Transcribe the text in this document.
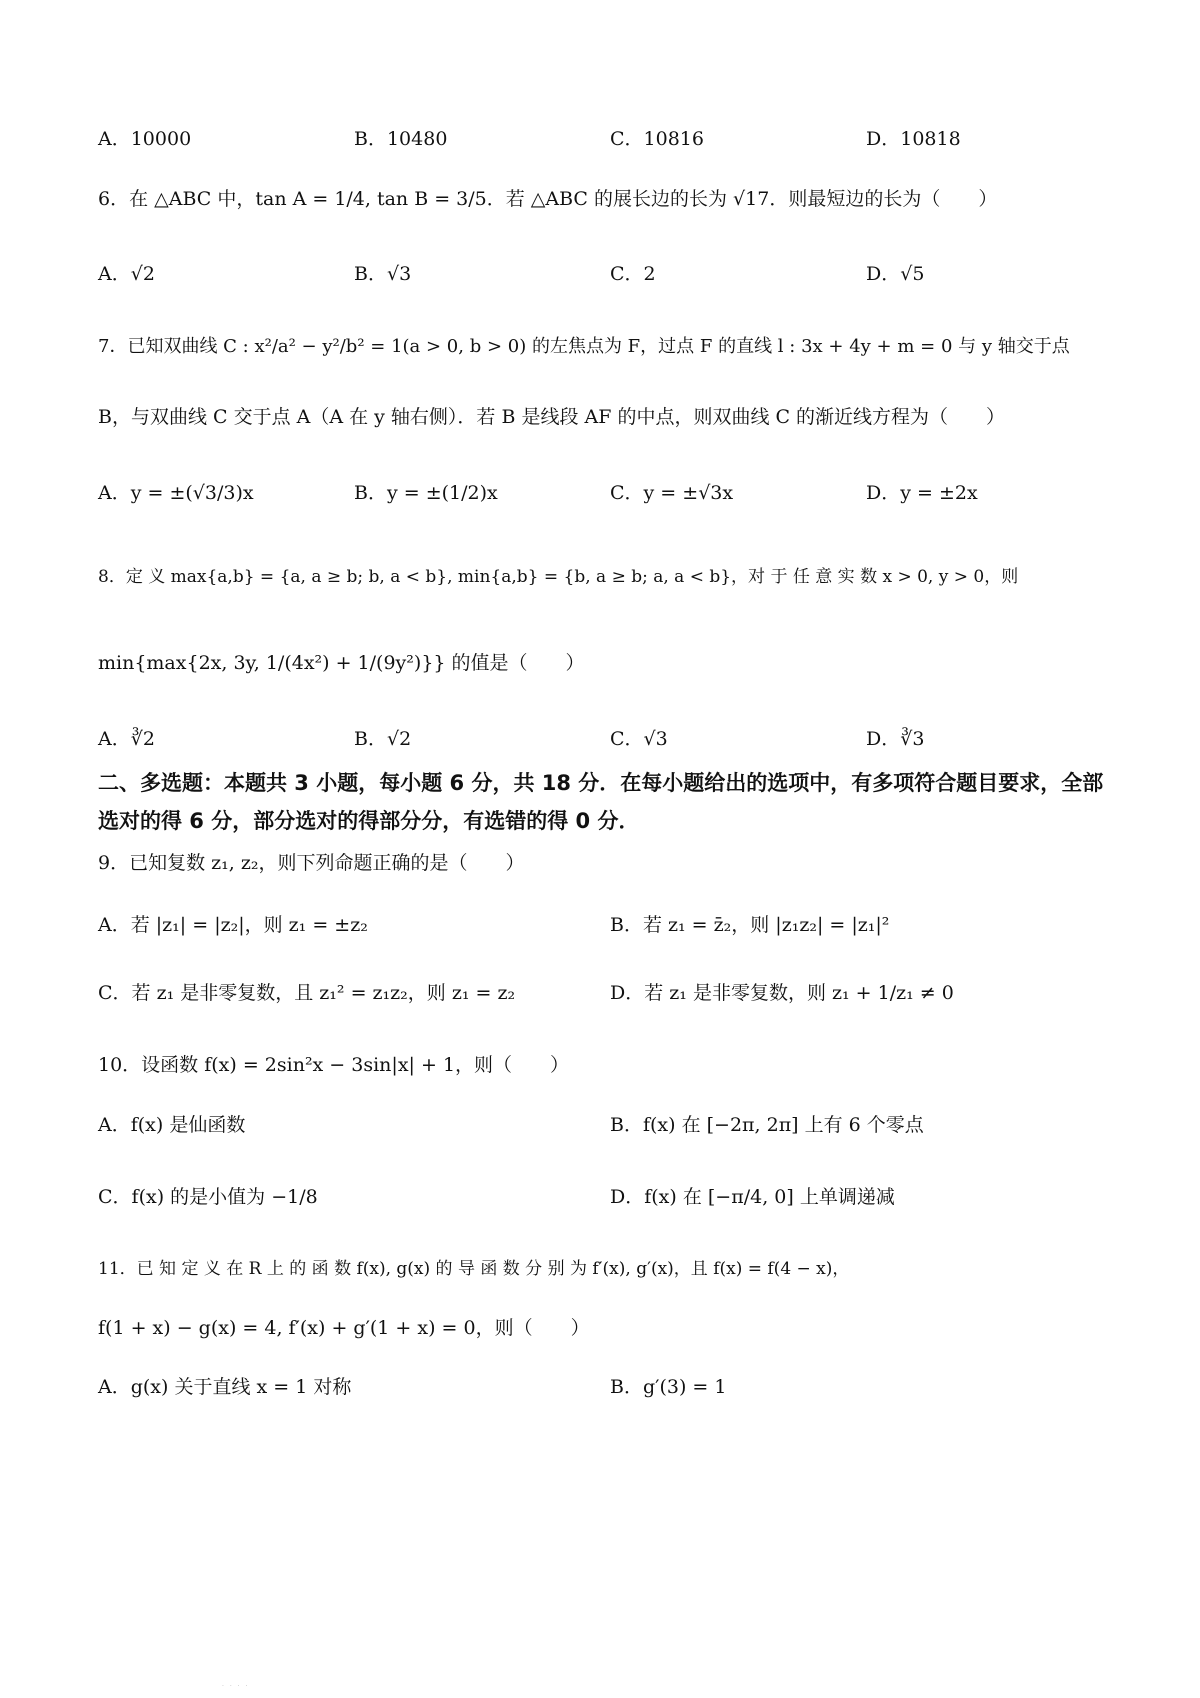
A．10000	B．10480	C．10816	D．10818
6．在 △ABC 中，tan A = 1/4, tan B = 3/5．若 △ABC 的展长边的长为 √17．则最短边的长为（　　）
A．√2	B．√3	C．2	D．√5
7．已知双曲线 C : x²/a² − y²/b² = 1(a > 0, b > 0) 的左焦点为 F，过点 F 的直线 l : 3x + 4y + m = 0 与 y 轴交于点
B，与双曲线 C 交于点 A（A 在 y 轴右侧）．若 B 是线段 AF 的中点，则双曲线 C 的渐近线方程为（　　）
A．y = ±(√3/3)x	B．y = ±(1/2)x	C．y = ±√3x	D．y = ±2x
8．定 义 max{a,b} = {a, a ≥ b; b, a < b}, min{a,b} = {b, a ≥ b; a, a < b}，对 于 任 意 实 数 x > 0, y > 0，则
min{max{2x, 3y, 1/(4x²) + 1/(9y²)}} 的值是（　　）
A．∛2	B．√2	C．√3	D．∛3
二、多选题：本题共 3 小题，每小题 6 分，共 18 分．在每小题给出的选项中，有多项符合题目要求，全部选对的得 6 分，部分选对的得部分分，有选错的得 0 分．
9．已知复数 z₁, z₂，则下列命题正确的是（　　）
A．若 |z₁| = |z₂|，则 z₁ = ±z₂	B．若 z₁ = z̄₂，则 |z₁z₂| = |z₁|²
C．若 z₁ 是非零复数，且 z₁² = z₁z₂，则 z₁ = z₂	D．若 z₁ 是非零复数，则 z₁ + 1/z₁ ≠ 0
10．设函数 f(x) = 2sin²x − 3sin|x| + 1，则（　　）
A．f(x) 是仙函数	B．f(x) 在 [−2π, 2π] 上有 6 个零点
C．f(x) 的是小值为 −1/8	D．f(x) 在 [−π/4, 0] 上单调递减
11．已 知 定 义 在 R 上 的 函 数 f(x), g(x) 的 导 函 数 分 别 为 f′(x), g′(x)，且 f(x) = f(4 − x)，
f(1 + x) − g(x) = 4, f′(x) + g′(1 + x) = 0，则（　　）
A．g(x) 关于直线 x = 1 对称	B．g′(3) = 1
· · · ·
